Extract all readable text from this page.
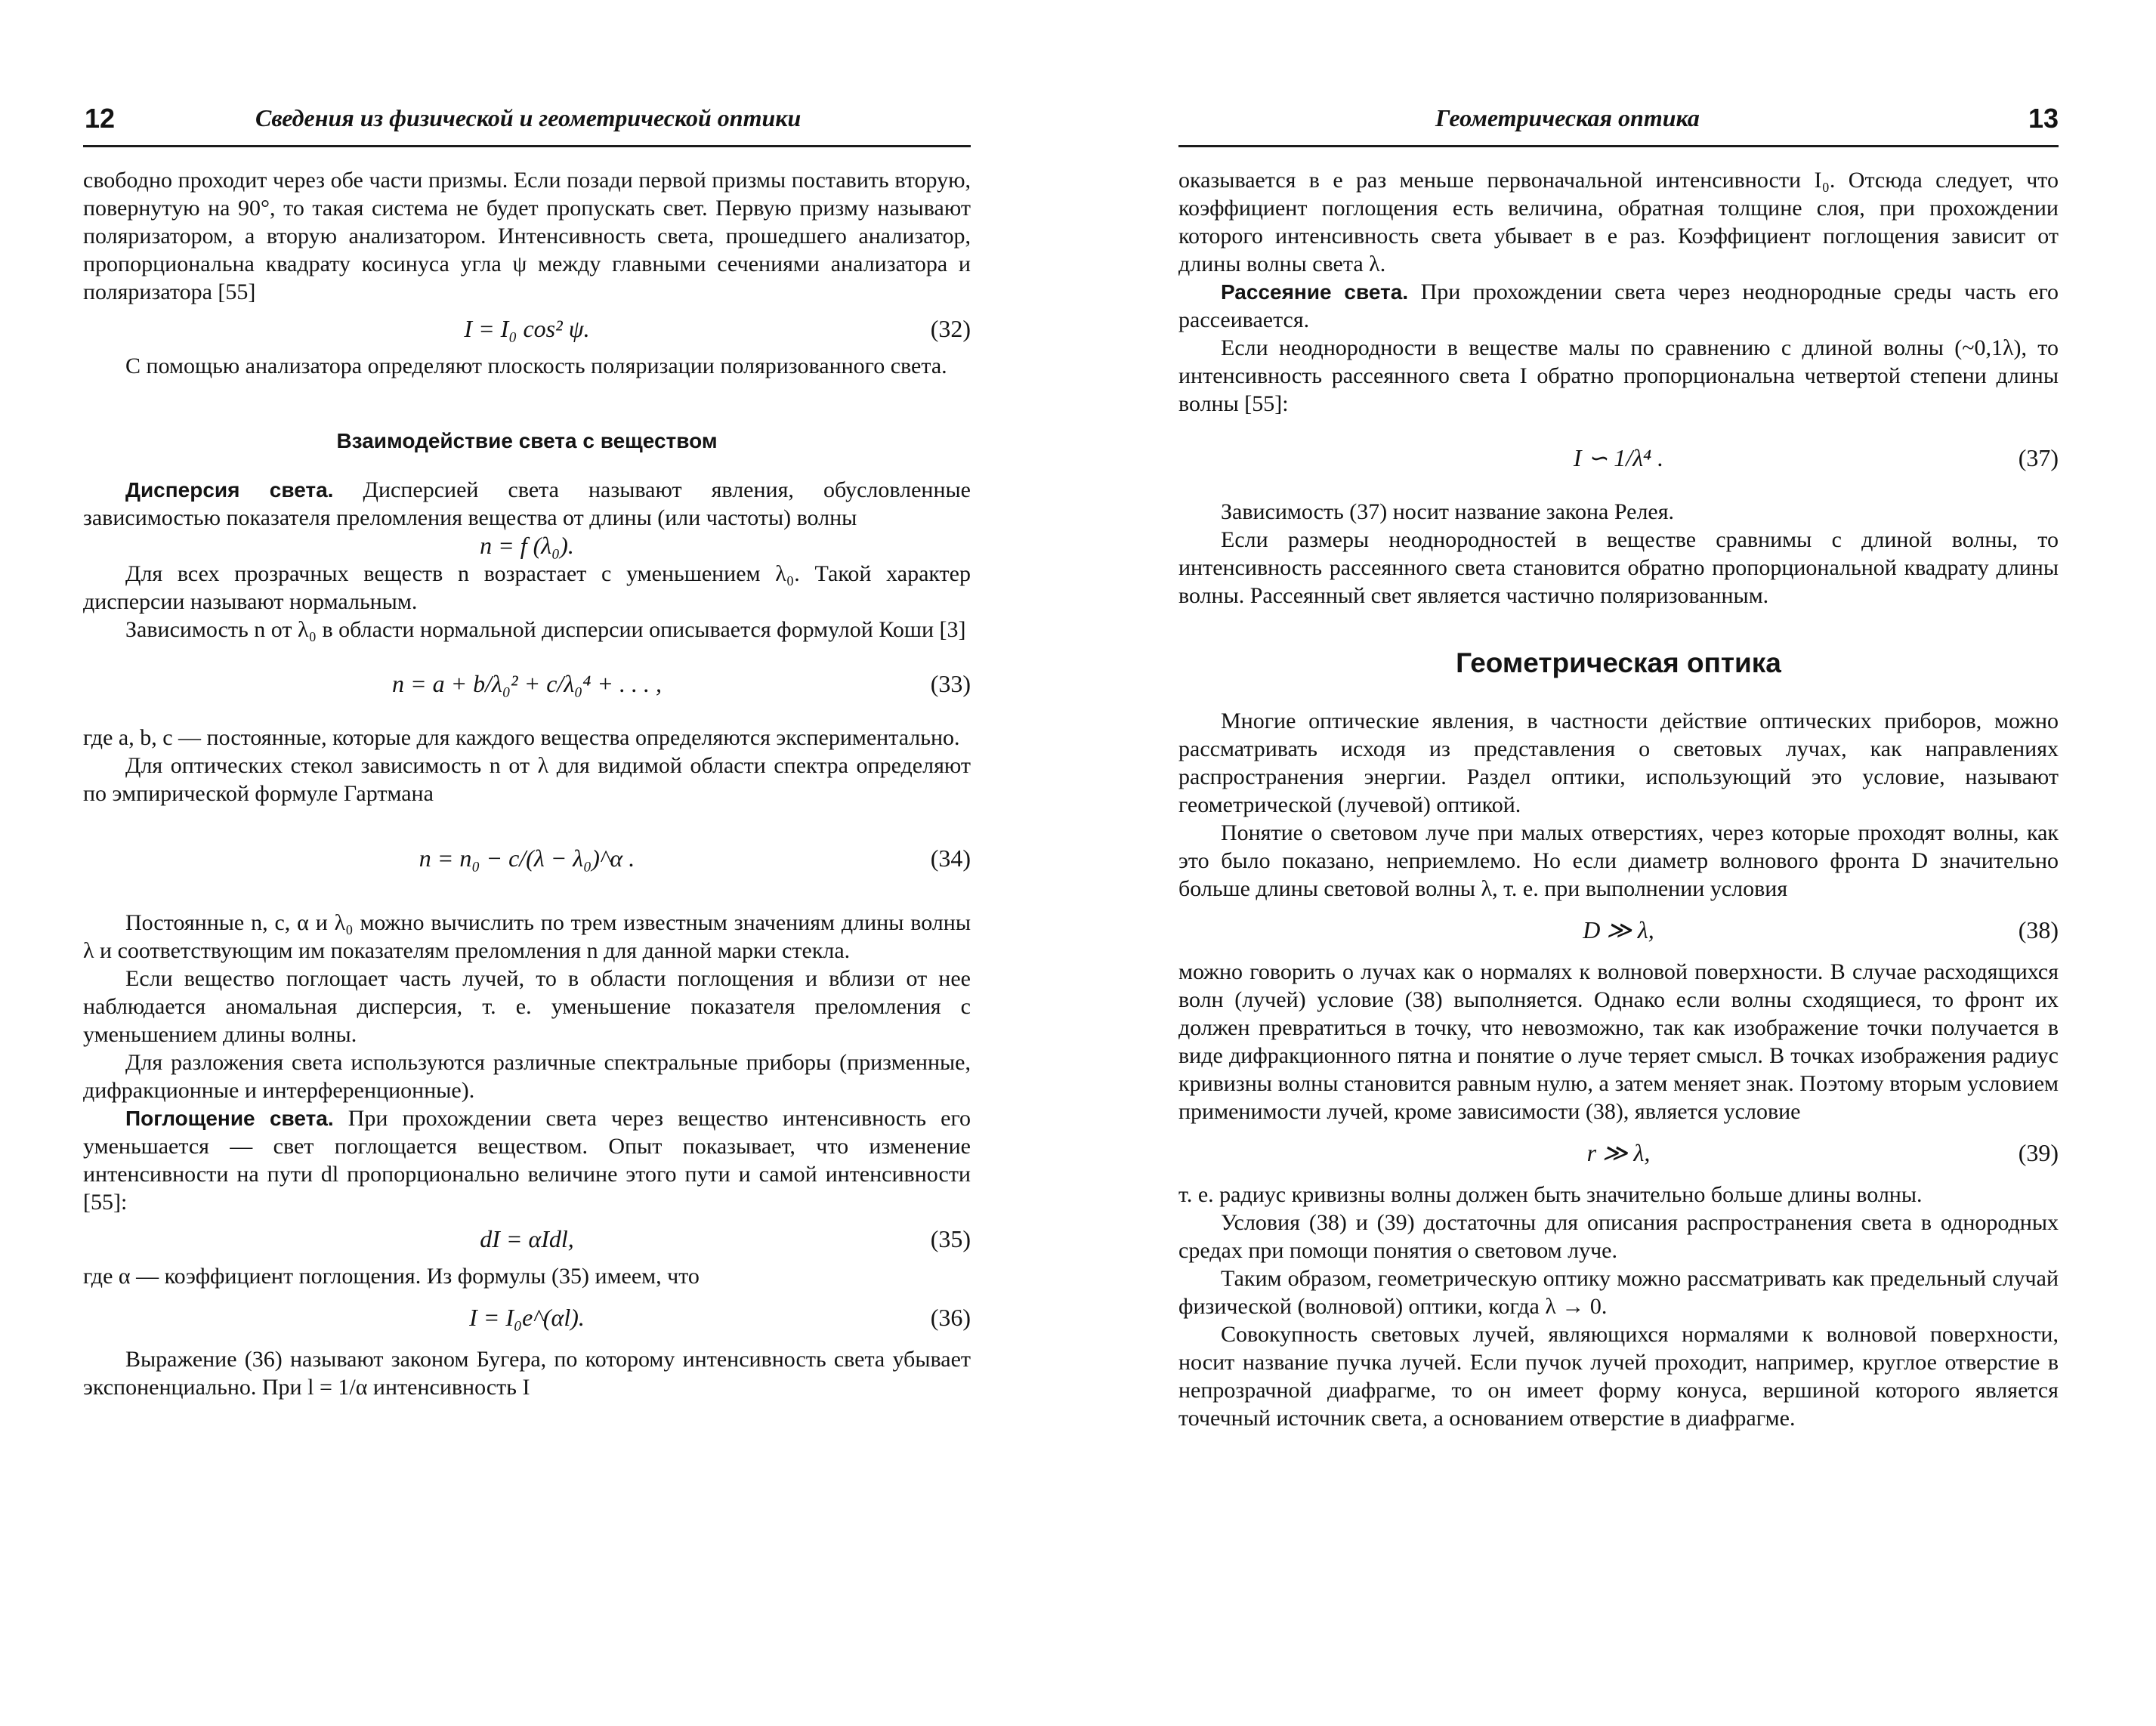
12	Сведения из физической и геометрической оптики

свободно проходит через обе части призмы. Если позади первой призмы поставить вторую, повернутую на 90°, то такая система не будет пропускать свет. Первую призму называют поляризатором, а вторую анализатором. Интенсивность света, прошедшего анализатор, пропорциональна квадрату косинуса угла ψ между главными сечениями анализатора и поляризатора [55]

I = I₀ cos² ψ.	(32)

С помощью анализатора определяют плоскость поляризации поляризованного света.

Взаимодействие света с веществом

Дисперсия света. Дисперсией света называют явления, обусловленные зависимостью показателя преломления вещества от длины (или частоты) волны

n = f (λ₀).

Для всех прозрачных веществ n возрастает с уменьшением λ₀. Такой характер дисперсии называют нормальным.

Зависимость n от λ₀ в области нормальной дисперсии описывается формулой Коши [3]

n = a + b/λ₀² + c/λ₀⁴ + . . . ,	(33)

где a, b, c — постоянные, которые для каждого вещества определяются экспериментально.

Для оптических стекол зависимость n от λ для видимой области спектра определяют по эмпирической формуле Гартмана

n = n₀ − c/(λ − λ₀)^α .	(34)

Постоянные n, c, α и λ₀ можно вычислить по трем известным значениям длины волны λ и соответствующим им показателям преломления n для данной марки стекла.

Если вещество поглощает часть лучей, то в области поглощения и вблизи от нее наблюдается аномальная дисперсия, т. е. уменьшение показателя преломления с уменьшением длины волны.

Для разложения света используются различные спектральные приборы (призменные, дифракционные и интерференционные).

Поглощение света. При прохождении света через вещество интенсивность его уменьшается — свет поглощается веществом. Опыт показывает, что изменение интенсивности на пути dl пропорционально величине этого пути и самой интенсивности [55]:

dI = αIdl,	(35)

где α — коэффициент поглощения. Из формулы (35) имеем, что

I = I₀e^(αl).	(36)

Выражение (36) называют законом Бугера, по которому интенсивность света убывает экспоненциально. При l = 1/α интенсивность I

Геометрическая оптика	13

оказывается в e раз меньше первоначальной интенсивности I₀. Отсюда следует, что коэффициент поглощения есть величина, обратная толщине слоя, при прохождении которого интенсивность света убывает в e раз. Коэффициент поглощения зависит от длины волны света λ.

Рассеяние света. При прохождении света через неоднородные среды часть его рассеивается.

Если неоднородности в веществе малы по сравнению с длиной волны (~0,1λ), то интенсивность рассеянного света I обратно пропорциональна четвертой степени длины волны [55]:

I ∽ 1/λ⁴ .	(37)

Зависимость (37) носит название закона Релея.

Если размеры неоднородностей в веществе сравнимы с длиной волны, то интенсивность рассеянного света становится обратно пропорциональной квадрату длины волны. Рассеянный свет является частично поляризованным.

Геометрическая оптика

Многие оптические явления, в частности действие оптических приборов, можно рассматривать исходя из представления о световых лучах, как направлениях распространения энергии. Раздел оптики, использующий это условие, называют геометрической (лучевой) оптикой.

Понятие о световом луче при малых отверстиях, через которые проходят волны, как это было показано, неприемлемо. Но если диаметр волнового фронта D значительно больше длины световой волны λ, т. е. при выполнении условия

D ≫ λ,	(38)

можно говорить о лучах как о нормалях к волновой поверхности. В случае расходящихся волн (лучей) условие (38) выполняется. Однако если волны сходящиеся, то фронт их должен превратиться в точку, что невозможно, так как изображение точки получается в виде дифракционного пятна и понятие о луче теряет смысл. В точках изображения радиус кривизны волны становится равным нулю, а затем меняет знак. Поэтому вторым условием применимости лучей, кроме зависимости (38), является условие

r ≫ λ,	(39)

т. е. радиус кривизны волны должен быть значительно больше длины волны.

Условия (38) и (39) достаточны для описания распространения света в однородных средах при помощи понятия о световом луче.

Таким образом, геометрическую оптику можно рассматривать как предельный случай физической (волновой) оптики, когда λ → 0.

Совокупность световых лучей, являющихся нормалями к волновой поверхности, носит название пучка лучей. Если пучок лучей проходит, например, круглое отверстие в непрозрачной диафрагме, то он имеет форму конуса, вершиной которого является точечный источник света, а основанием отверстие в диафрагме.
